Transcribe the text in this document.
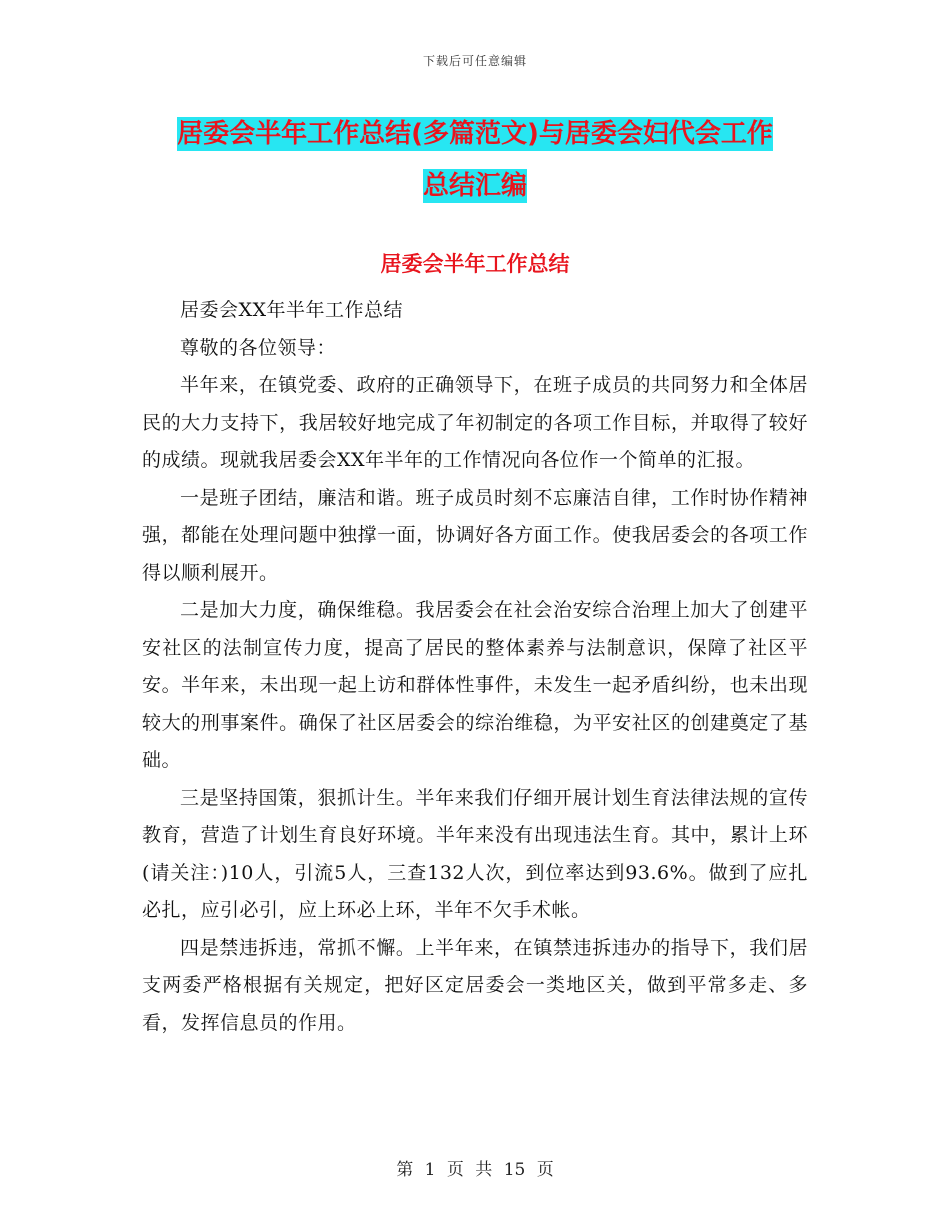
下载后可任意编辑
居委会半年工作总结(多篇范文)与居委会妇代会工作
总结汇编
居委会半年工作总结

居委会XX年半年工作总结

尊敬的各位领导：

半年来，在镇党委、政府的正确领导下，在班子成员的共同努力和全体居民的大力支持下，我居较好地完成了年初制定的各项工作目标，并取得了较好的成绩。现就我居委会XX年半年的工作情况向各位作一个简单的汇报。

一是班子团结，廉洁和谐。班子成员时刻不忘廉洁自律，工作时协作精神强，都能在处理问题中独撑一面，协调好各方面工作。使我居委会的各项工作得以顺利展开。

二是加大力度，确保维稳。我居委会在社会治安综合治理上加大了创建平安社区的法制宣传力度，提高了居民的整体素养与法制意识，保障了社区平安。半年来，未出现一起上访和群体性事件，未发生一起矛盾纠纷，也未出现较大的刑事案件。确保了社区居委会的综治维稳，为平安社区的创建奠定了基础。

三是坚持国策，狠抓计生。半年来我们仔细开展计划生育法律法规的宣传教育，营造了计划生育良好环境。半年来没有出现违法生育。其中，累计上环(请关注：)10人，引流5人，三查132人次，到位率达到93.6%。做到了应扎必扎，应引必引，应上环必上环，半年不欠手术帐。

四是禁违拆违，常抓不懈。上半年来，在镇禁违拆违办的指导下，我们居支两委严格根据有关规定，把好区定居委会一类地区关，做到平常多走、多看，发挥信息员的作用。

第 1 页 共 15 页
